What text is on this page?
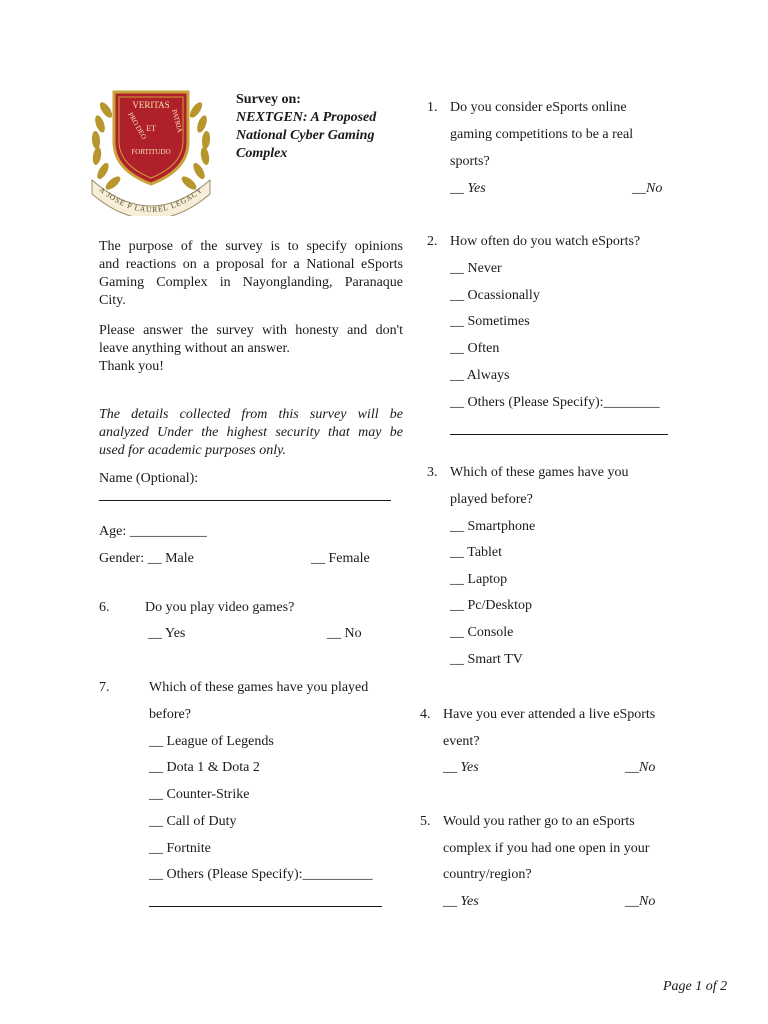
VERITAS
ET
PRO DEO	PATRIA
FORTITUDO
A JOSE P LAUREL LEGACY
Survey on:
NEXTGEN: A Proposed
National Cyber Gaming
Complex
The purpose of the survey is to specify opinions
and reactions on a proposal for a National eSports
Gaming Complex in Nayonglanding, Paranaque
City.
Please answer the survey with honesty and don't
leave anything without an answer.
Thank you!
The details collected from this survey will be
analyzed Under the highest security that may be
used for academic purposes only.
Name (Optional):
Age: ___________
Gender: __ Male	__ Female
6.	Do you play video games?
__ Yes	__ No
7.	Which of these games have you played
before?
__ League of Legends
__ Dota 1 & Dota 2
__ Counter-Strike
__ Call of Duty
__ Fortnite
__ Others (Please Specify):__________
1. Do you consider eSports online
gaming competitions to be a real
sports?
__ Yes	__No
2. How often do you watch eSports?
__ Never
__ Ocassionally
__ Sometimes
__ Often
__ Always
__ Others (Please Specify):________
3. Which of these games have you
played before?
__ Smartphone
__ Tablet
__ Laptop
__ Pc/Desktop
__ Console
__ Smart TV
4. Have you ever attended a live eSports
event?
__ Yes	__No
5. Would you rather go to an eSports
complex if you had one open in your
country/region?
__ Yes	__No
Page 1 of 2
